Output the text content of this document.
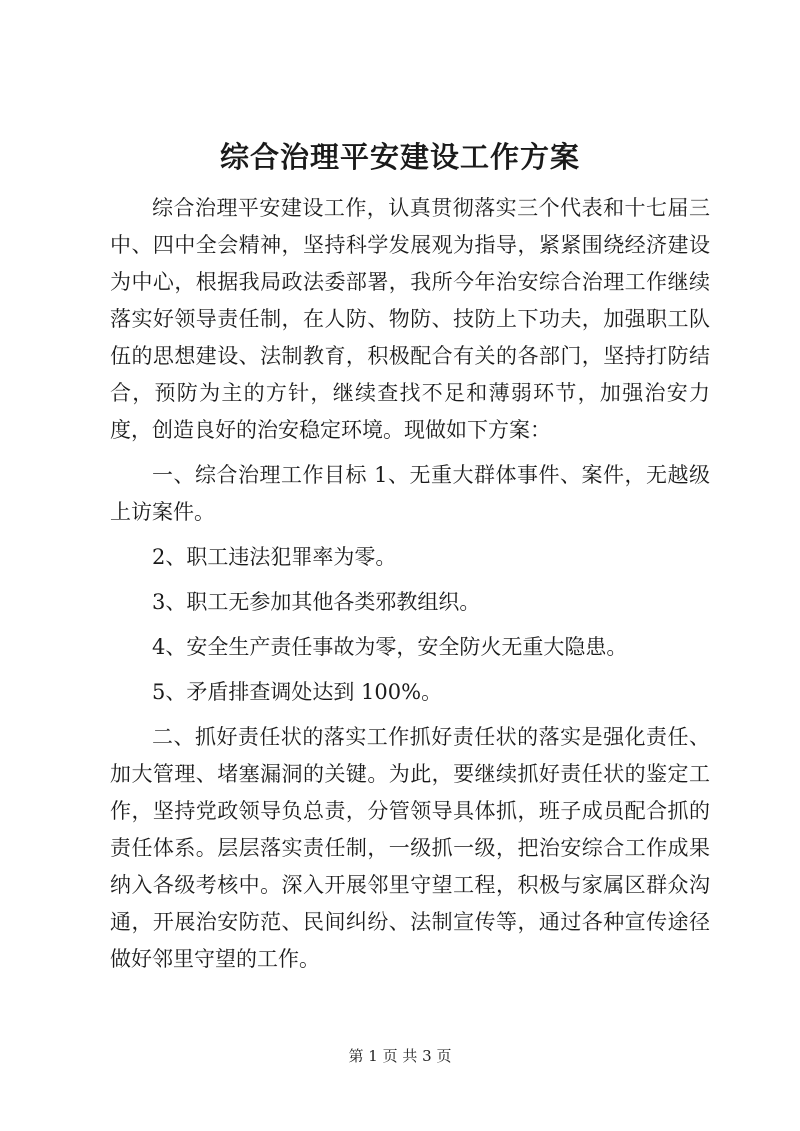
综合治理平安建设工作方案

综合治理平安建设工作，认真贯彻落实三个代表和十七届三中、四中全会精神，坚持科学发展观为指导，紧紧围绕经济建设为中心，根据我局政法委部署，我所今年治安综合治理工作继续落实好领导责任制，在人防、物防、技防上下功夫，加强职工队伍的思想建设、法制教育，积极配合有关的各部门，坚持打防结合，预防为主的方针，继续查找不足和薄弱环节，加强治安力度，创造良好的治安稳定环境。现做如下方案：

一、综合治理工作目标 1、无重大群体事件、案件，无越级上访案件。

2、职工违法犯罪率为零。

3、职工无参加其他各类邪教组织。

4、安全生产责任事故为零，安全防火无重大隐患。

5、矛盾排查调处达到 100%。

二、抓好责任状的落实工作抓好责任状的落实是强化责任、加大管理、堵塞漏洞的关键。为此，要继续抓好责任状的鉴定工作，坚持党政领导负总责，分管领导具体抓，班子成员配合抓的责任体系。层层落实责任制，一级抓一级，把治安综合工作成果纳入各级考核中。深入开展邻里守望工程，积极与家属区群众沟通，开展治安防范、民间纠纷、法制宣传等，通过各种宣传途径做好邻里守望的工作。

第 1 页 共 3 页
